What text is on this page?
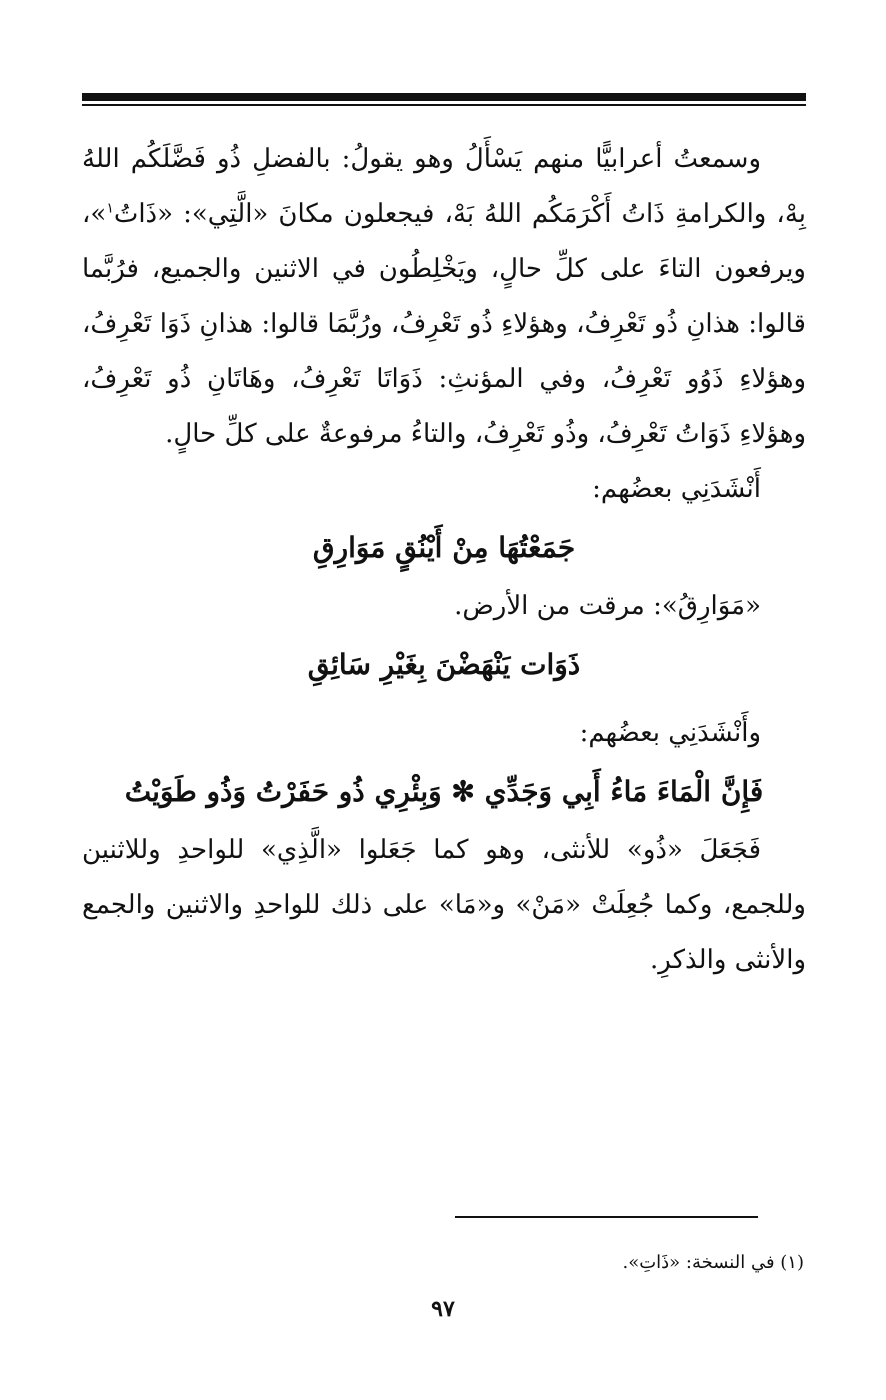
وسمعتُ أعرابيًّا منهم يَسْأَلُ وهو يقولُ: بالفضلِ ذُو فَضَّلَكُم اللهُ بِهْ، والكرامةِ ذَاتُ أَكْرَمَكُم اللهُ بَهْ، فيجعلون مكانَ «الَّتِي»: «ذَاتُ$^١$»، ويرفعون التاءَ على كلِّ حالٍ، ويَخْلِطُون في الاثنين والجميع، فرُبَّما قالوا: هذانِ ذُو تَعْرِفُ، وهؤلاءِ ذُو تَعْرِفُ، ورُبَّمَا قالوا: هذانِ ذَوَا تَعْرِفُ، وهؤلاءِ ذَوُو تَعْرِفُ، وفي المؤنثِ: ذَوَاتَا تَعْرِفُ، وهَاتَانِ ذُو تَعْرِفُ، وهؤلاءِ ذَوَاتُ تَعْرِفُ، وذُو تَعْرِفُ، والتاءُ مرفوعةٌ على كلِّ حالٍ.

أَنْشَدَنِي بعضُهم:

جَمَعْتُهَا مِنْ أَيْنُقٍ مَوَارِقِ

«مَوَارِقُ»: مرقت من الأرض.

ذَوَات يَنْهَضْنَ بِغَيْرِ سَائِقِ

وأَنْشَدَنِي بعضُهم:

فَإِنَّ الْمَاءَ مَاءُ أَبِي وَجَدِّي ✻ وَبِئْرِي ذُو حَفَرْتُ وَذُو طَوَيْتُ

فَجَعَلَ «ذُو» للأنثى، وهو كما جَعَلوا «الَّذِي» للواحدِ وللاثنين وللجمع، وكما جُعِلَتْ «مَنْ» و«مَا» على ذلك للواحدِ والاثنين والجمع والأنثى والذكرِ.

(١) في النسخة: «ذَاتِ».
٩٧
